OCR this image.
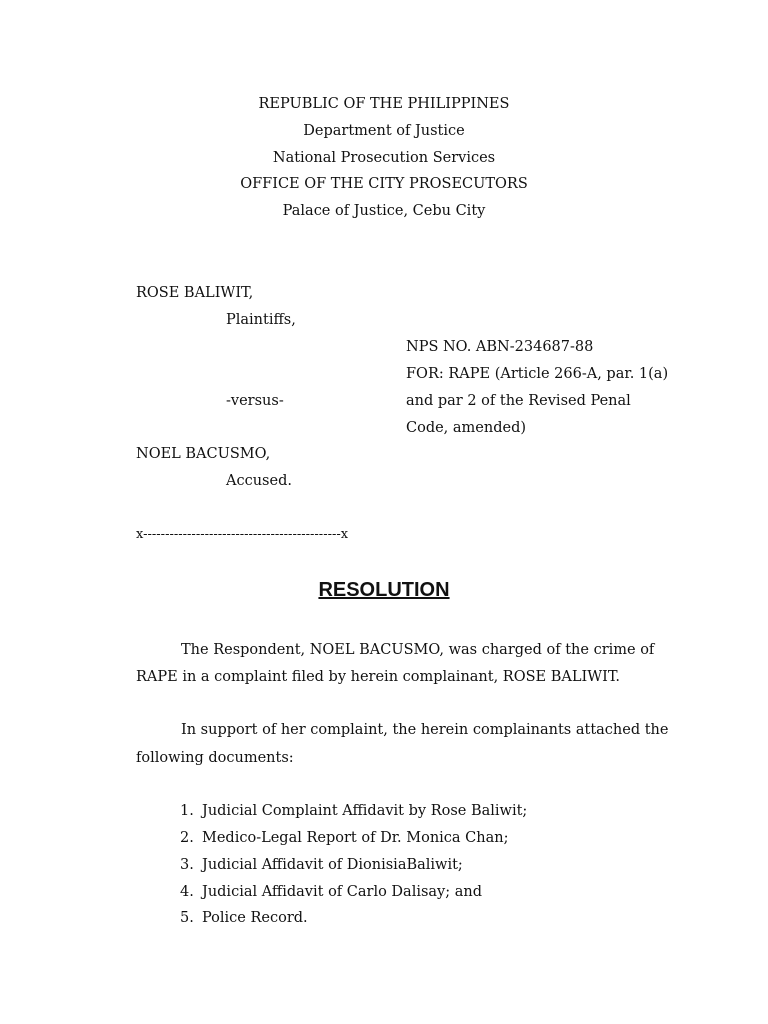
REPUBLIC OF THE PHILIPPINES
Department of Justice
National Prosecution Services
OFFICE OF THE CITY PROSECUTORS
Palace of Justice, Cebu City
ROSE BALIWIT,
Plaintiffs,
NPS NO. ABN-234687-88
FOR: RAPE (Article 266-A, par. 1(a)
-versus-	and par 2 of the Revised Penal
Code, amended)
NOEL BACUSMO,
Accused.
x---------------------------------------------x
RESOLUTION
The Respondent, NOEL BACUSMO, was charged of the crime of
RAPE in a complaint filed by herein complainant, ROSE BALIWIT.
In support of her complaint, the herein complainants attached the
following documents:
1. Judicial Complaint Affidavit by Rose Baliwit;
2. Medico-Legal Report of Dr. Monica Chan;
3. Judicial Affidavit of DionisiaBaliwit;
4. Judicial Affidavit of Carlo Dalisay; and
5. Police Record.
